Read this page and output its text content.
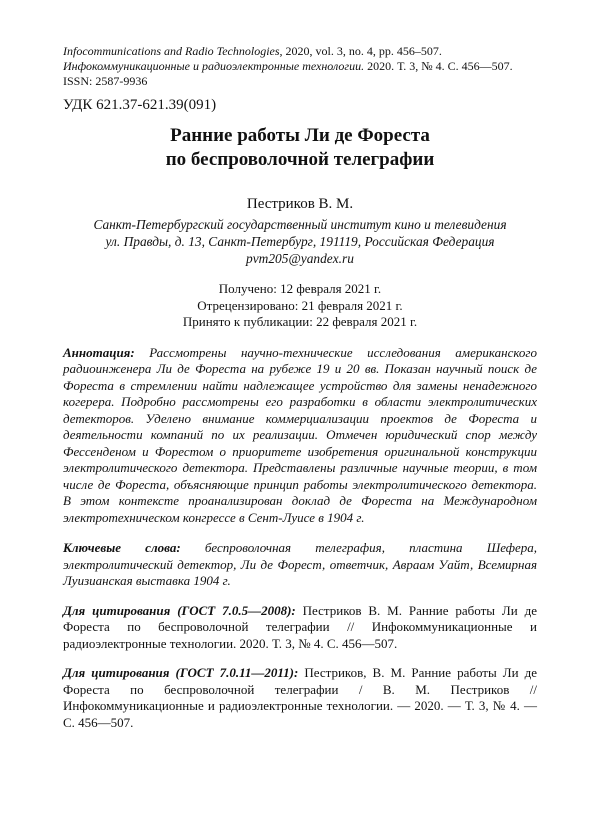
Infocommunications and Radio Technologies, 2020, vol. 3, no. 4, pp. 456–507.
Инфокоммуникационные и радиоэлектронные технологии. 2020. Т. 3, № 4. С. 456—507.
ISSN: 2587-9936
УДК 621.37-621.39(091)
Ранние работы Ли де Фореста
по беспроволочной телеграфии
Пестриков В. М.
Санкт-Петербургский государственный институт кино и телевидения
ул. Правды, д. 13, Санкт-Петербург, 191119, Российская Федерация
pvm205@yandex.ru
Получено: 12 февраля 2021 г.
Отрецензировано: 21 февраля 2021 г.
Принято к публикации: 22 февраля 2021 г.
Аннотация: Рассмотрены научно-технические исследования американского радиоинженера Ли де Фореста на рубеже 19 и 20 вв. Показан научный поиск де Фореста в стремлении найти надлежащее устройство для замены ненадежного когерера. Подробно рассмотрены его разработки в области электролитических детекторов. Уделено внимание коммерциализации проектов де Фореста и деятельности компаний по их реализации. Отмечен юридический спор между Фессенденом и Форестом о приоритете изобретения оригинальной конструкции электролитического детектора. Представлены различные научные теории, в том числе де Фореста, объясняющие принцип работы электролитического детектора. В этом контексте проанализирован доклад де Фореста на Международном электротехническом конгрессе в Сент-Луисе в 1904 г.
Ключевые слова: беспроволочная телеграфия, пластина Шефера, электролитический детектор, Ли де Форест, ответчик, Авраам Уайт, Всемирная Луизианская выставка 1904 г.
Для цитирования (ГОСТ 7.0.5—2008): Пестриков В. М. Ранние работы Ли де Фореста по беспроволочной телеграфии // Инфокоммуникационные и радиоэлектронные технологии. 2020. Т. 3, № 4. С. 456—507.
Для цитирования (ГОСТ 7.0.11—2011): Пестриков, В. М. Ранние работы Ли де Фореста по беспроволочной телеграфии / В. М. Пестриков // Инфокоммуникационные и радиоэлектронные технологии. — 2020. — Т. 3, № 4. — С. 456—507.
